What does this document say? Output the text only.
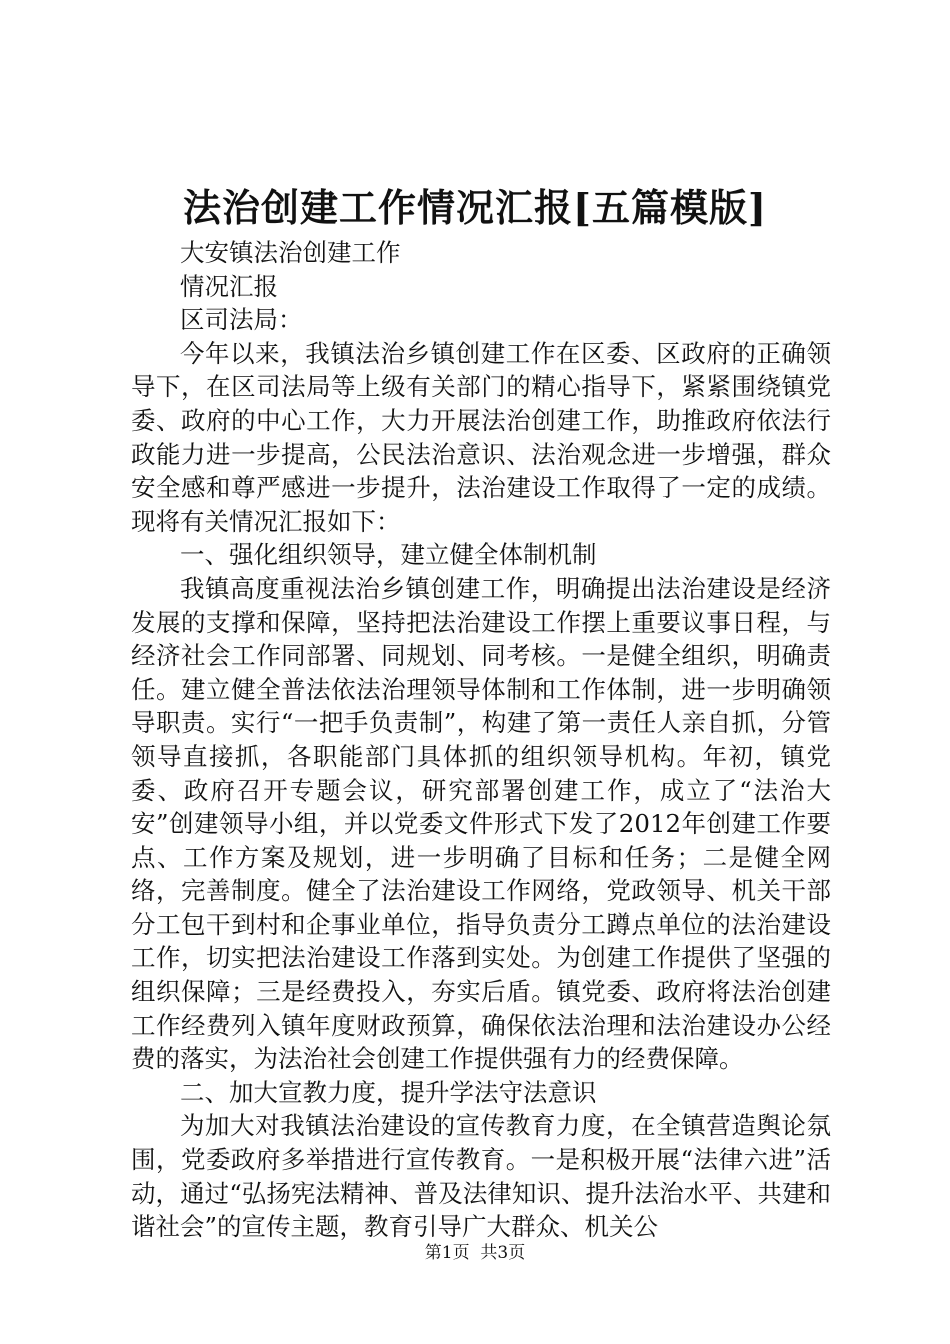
法治创建工作情况汇报[五篇模版]

大安镇法治创建工作

情况汇报

区司法局：

今年以来，我镇法治乡镇创建工作在区委、区政府的正确领导下，在区司法局等上级有关部门的精心指导下，紧紧围绕镇党委、政府的中心工作，大力开展法治创建工作，助推政府依法行政能力进一步提高，公民法治意识、法治观念进一步增强，群众安全感和尊严感进一步提升，法治建设工作取得了一定的成绩。现将有关情况汇报如下：

一、强化组织领导，建立健全体制机制

我镇高度重视法治乡镇创建工作，明确提出法治建设是经济发展的支撑和保障，坚持把法治建设工作摆上重要议事日程，与经济社会工作同部署、同规划、同考核。一是健全组织，明确责任。建立健全普法依法治理领导体制和工作体制，进一步明确领导职责。实行“一把手负责制”，构建了第一责任人亲自抓，分管领导直接抓，各职能部门具体抓的组织领导机构。年初，镇党委、政府召开专题会议，研究部署创建工作，成立了“法治大安”创建领导小组，并以党委文件形式下发了2012年创建工作要点、工作方案及规划，进一步明确了目标和任务；二是健全网络，完善制度。健全了法治建设工作网络，党政领导、机关干部分工包干到村和企事业单位，指导负责分工蹲点单位的法治建设工作，切实把法治建设工作落到实处。为创建工作提供了坚强的组织保障；三是经费投入，夯实后盾。镇党委、政府将法治创建工作经费列入镇年度财政预算，确保依法治理和法治建设办公经费的落实，为法治社会创建工作提供强有力的经费保障。

二、加大宣教力度，提升学法守法意识

为加大对我镇法治建设的宣传教育力度，在全镇营造舆论氛围，党委政府多举措进行宣传教育。一是积极开展“法律六进”活动，通过“弘扬宪法精神、普及法律知识、提升法治水平、共建和谐社会”的宣传主题，教育引导广大群众、机关公

第1页 共3页
